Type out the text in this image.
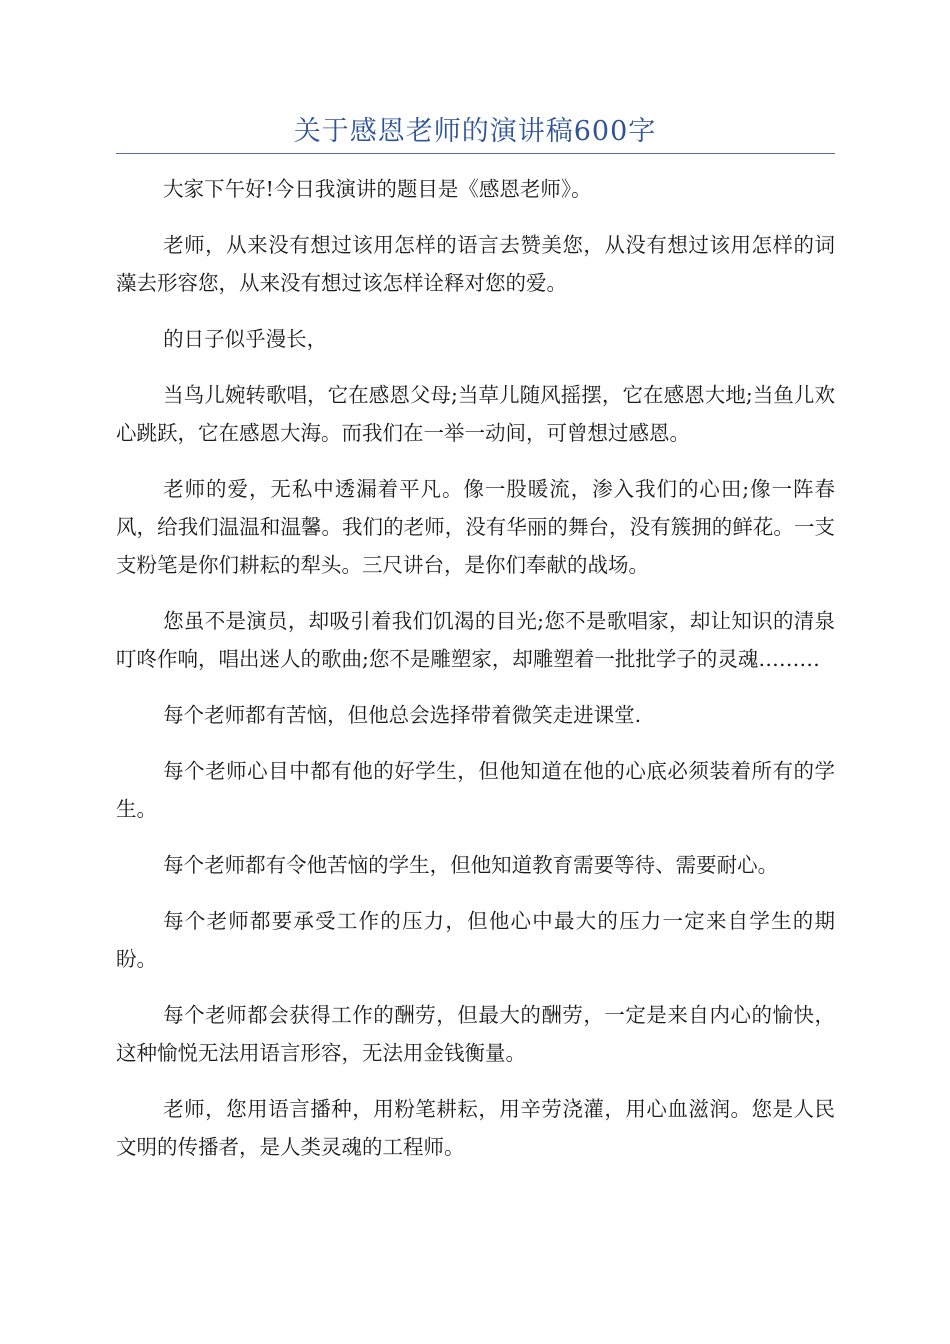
关于感恩老师的演讲稿600字

大家下午好!今日我演讲的题目是《感恩老师》。

老师，从来没有想过该用怎样的语言去赞美您，从没有想过该用怎样的词藻去形容您，从来没有想过该怎样诠释对您的爱。

的日子似乎漫长，

当鸟儿婉转歌唱，它在感恩父母;当草儿随风摇摆，它在感恩大地;当鱼儿欢心跳跃，它在感恩大海。而我们在一举一动间，可曾想过感恩。

老师的爱，无私中透漏着平凡。像一股暖流，渗入我们的心田;像一阵春风，给我们温温和温馨。我们的老师，没有华丽的舞台，没有簇拥的鲜花。一支支粉笔是你们耕耘的犁头。三尺讲台，是你们奉献的战场。

您虽不是演员，却吸引着我们饥渴的目光;您不是歌唱家，却让知识的清泉叮咚作响，唱出迷人的歌曲;您不是雕塑家，却雕塑着一批批学子的灵魂………

每个老师都有苦恼，但他总会选择带着微笑走进课堂.

每个老师心目中都有他的好学生，但他知道在他的心底必须装着所有的学生。

每个老师都有令他苦恼的学生，但他知道教育需要等待、需要耐心。

每个老师都要承受工作的压力，但他心中最大的压力一定来自学生的期盼。

每个老师都会获得工作的酬劳，但最大的酬劳，一定是来自内心的愉快，这种愉悦无法用语言形容，无法用金钱衡量。

老师，您用语言播种，用粉笔耕耘，用辛劳浇灌，用心血滋润。您是人民文明的传播者，是人类灵魂的工程师。
